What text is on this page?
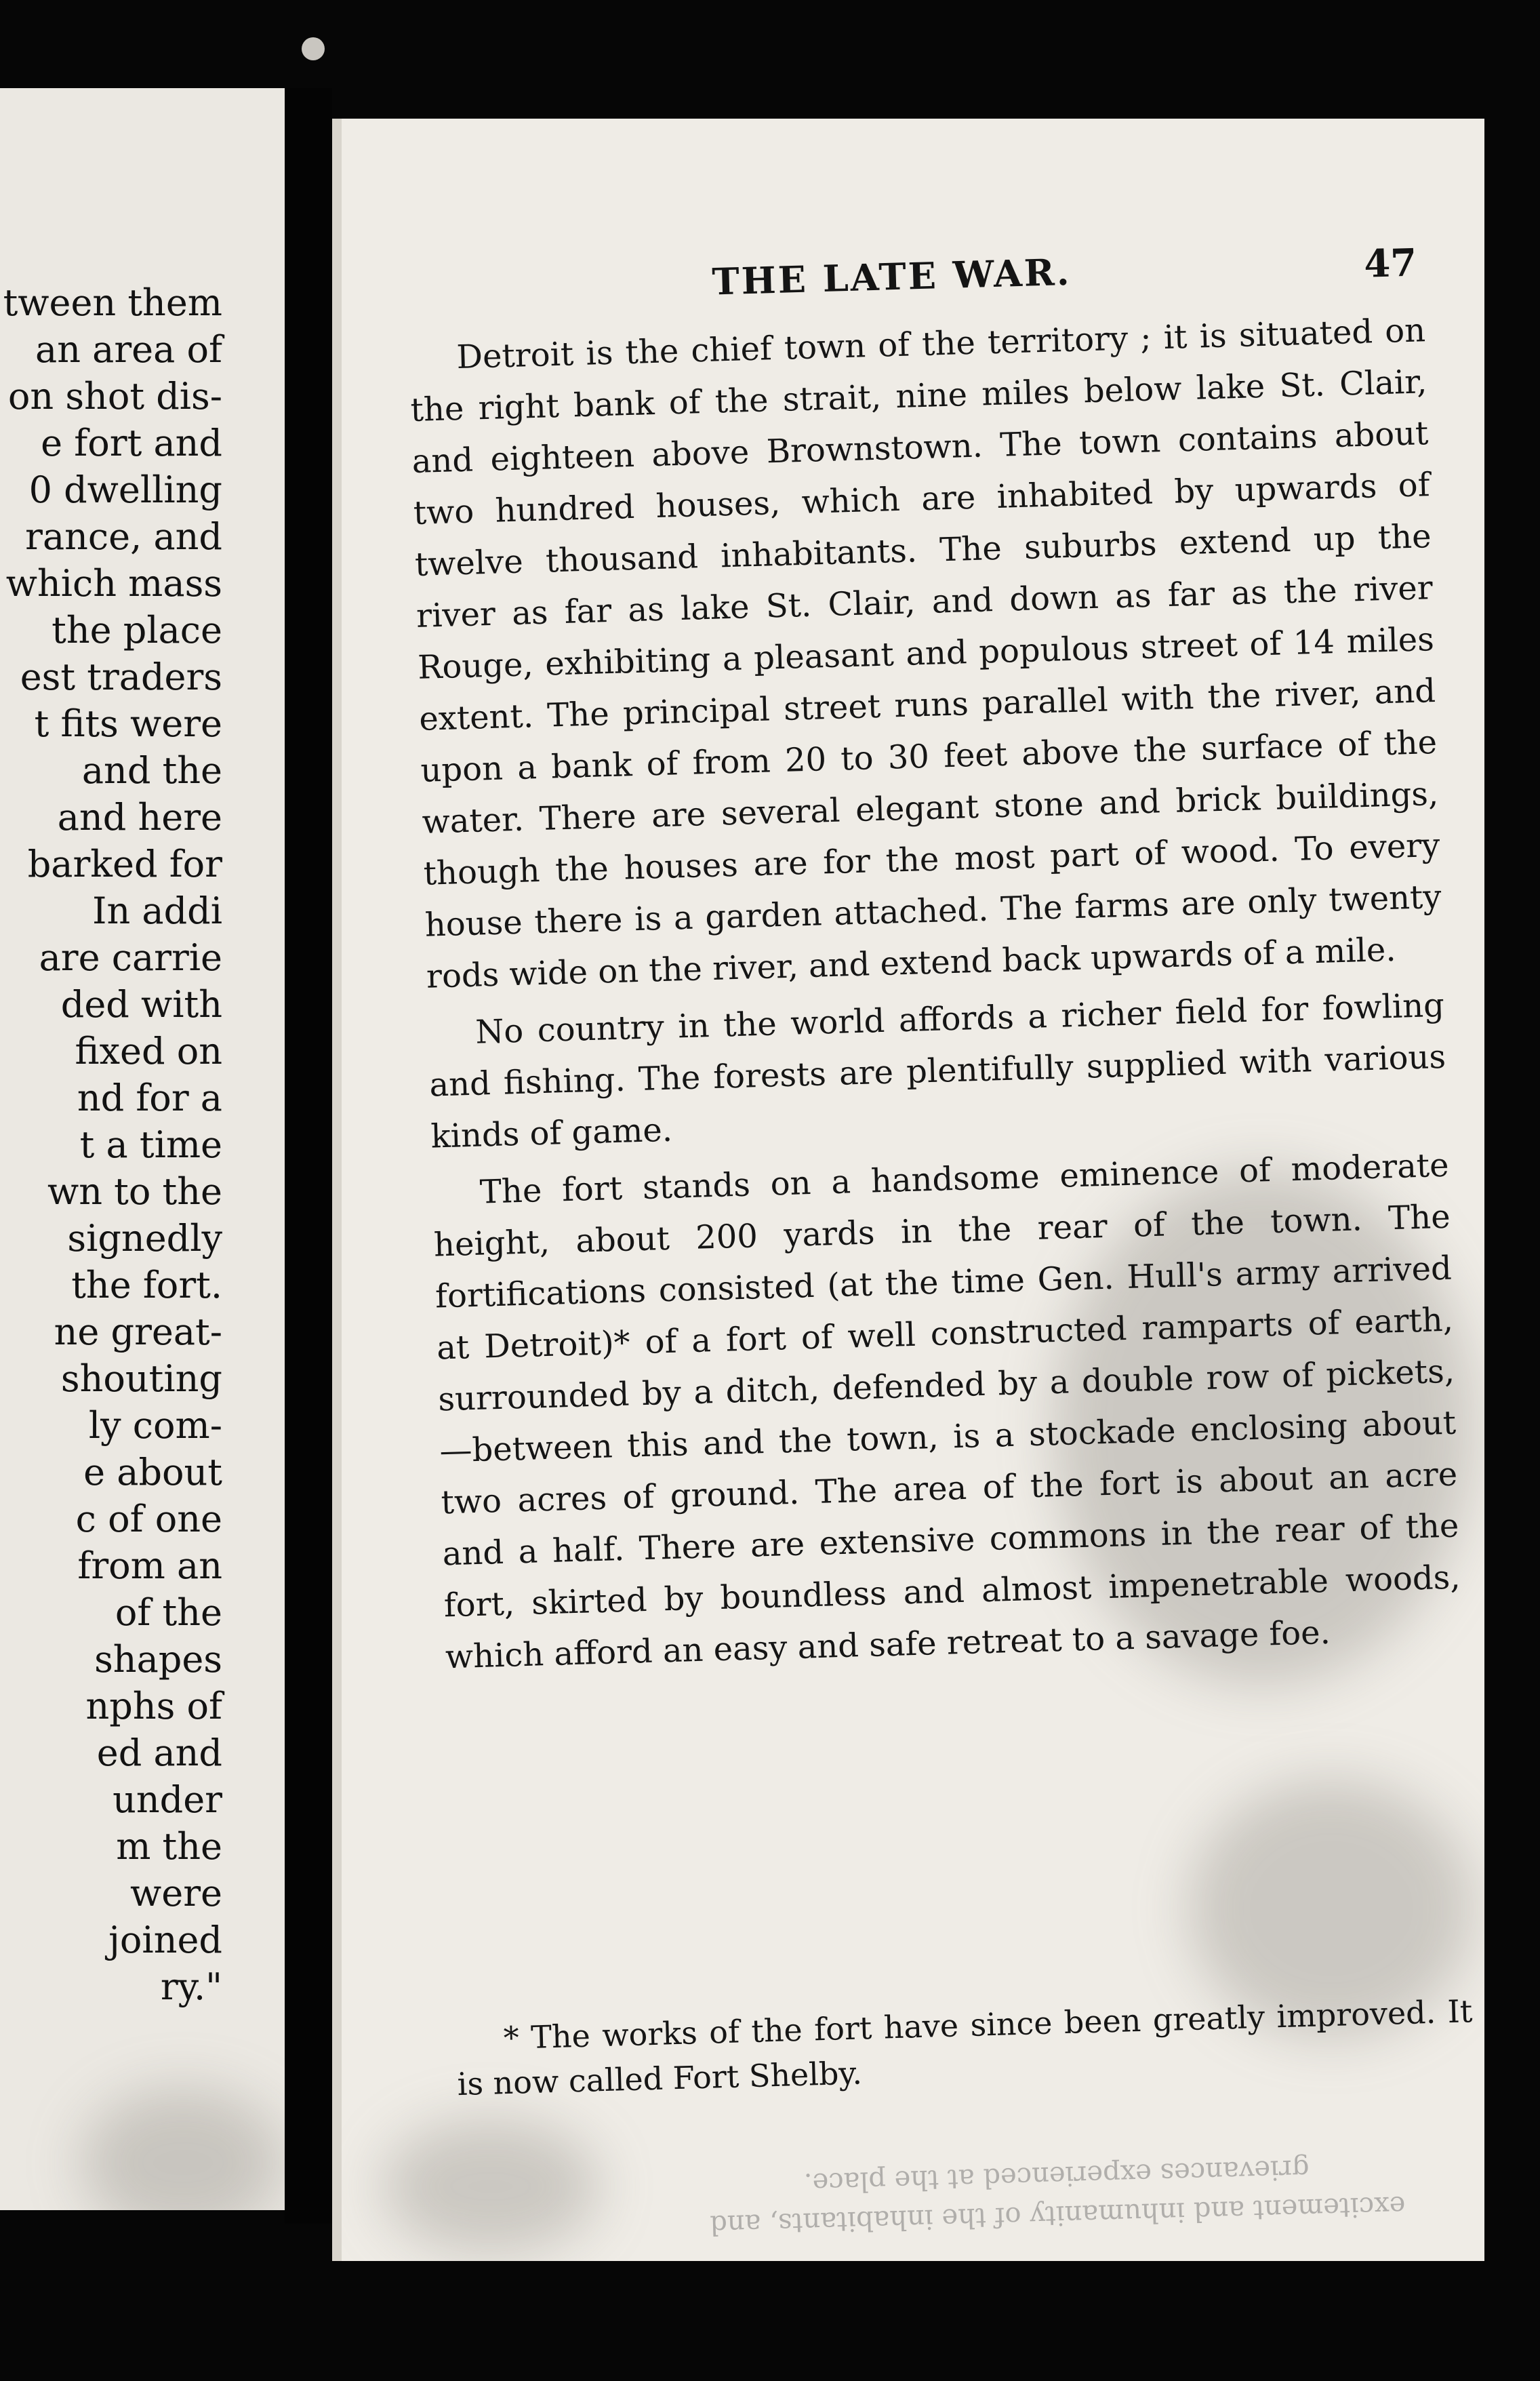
tween them
an area of
on shot dis-
e fort and
0 dwelling
rance, and
which mass
the place
est traders
t fits were
and the
and here
barked for
In addi
are carrie
ded with
fixed on
nd for a
t a time
wn to the
signedly
the fort.
ne great-
shouting
ly com-
e about
c of one
from an
of the
shapes
nphs of
ed and
under
m the
were
joined
ry."
THE LATE WAR.	47

Detroit is the chief town of the territory ; it is situated on the right bank of the strait, nine miles below lake St. Clair, and eighteen above Brownstown. The town contains about two hundred houses, which are inhabited by upwards of twelve thousand inhabitants. The suburbs extend up the river as far as lake St. Clair, and down as far as the river Rouge, exhibiting a pleasant and populous street of 14 miles extent. The principal street runs parallel with the river, and upon a bank of from 20 to 30 feet above the surface of the water. There are several elegant stone and brick buildings, though the houses are for the most part of wood. To every house there is a garden attached. The farms are only twenty rods wide on the river, and extend back upwards of a mile.

No country in the world affords a richer field for fowling and fishing. The forests are plentifully supplied with various kinds of game.

The fort stands on a handsome eminence of moderate height, about 200 yards in the rear of the town. The fortifications consisted (at the time Gen. Hull's army arrived at Detroit)* of a fort of well constructed ramparts of earth, surrounded by a ditch, defended by a double row of pickets,—between this and the town, is a stockade enclosing about two acres of ground. The area of the fort is about an acre and a half. There are extensive commons in the rear of the fort, skirted by boundless and almost impenetrable woods, which afford an easy and safe retreat to a savage foe.

* The works of the fort have since been greatly improved. It is now called Fort Shelby.
excitement and inhumanity of the inhabitants, and
grievances experienced at the place.
